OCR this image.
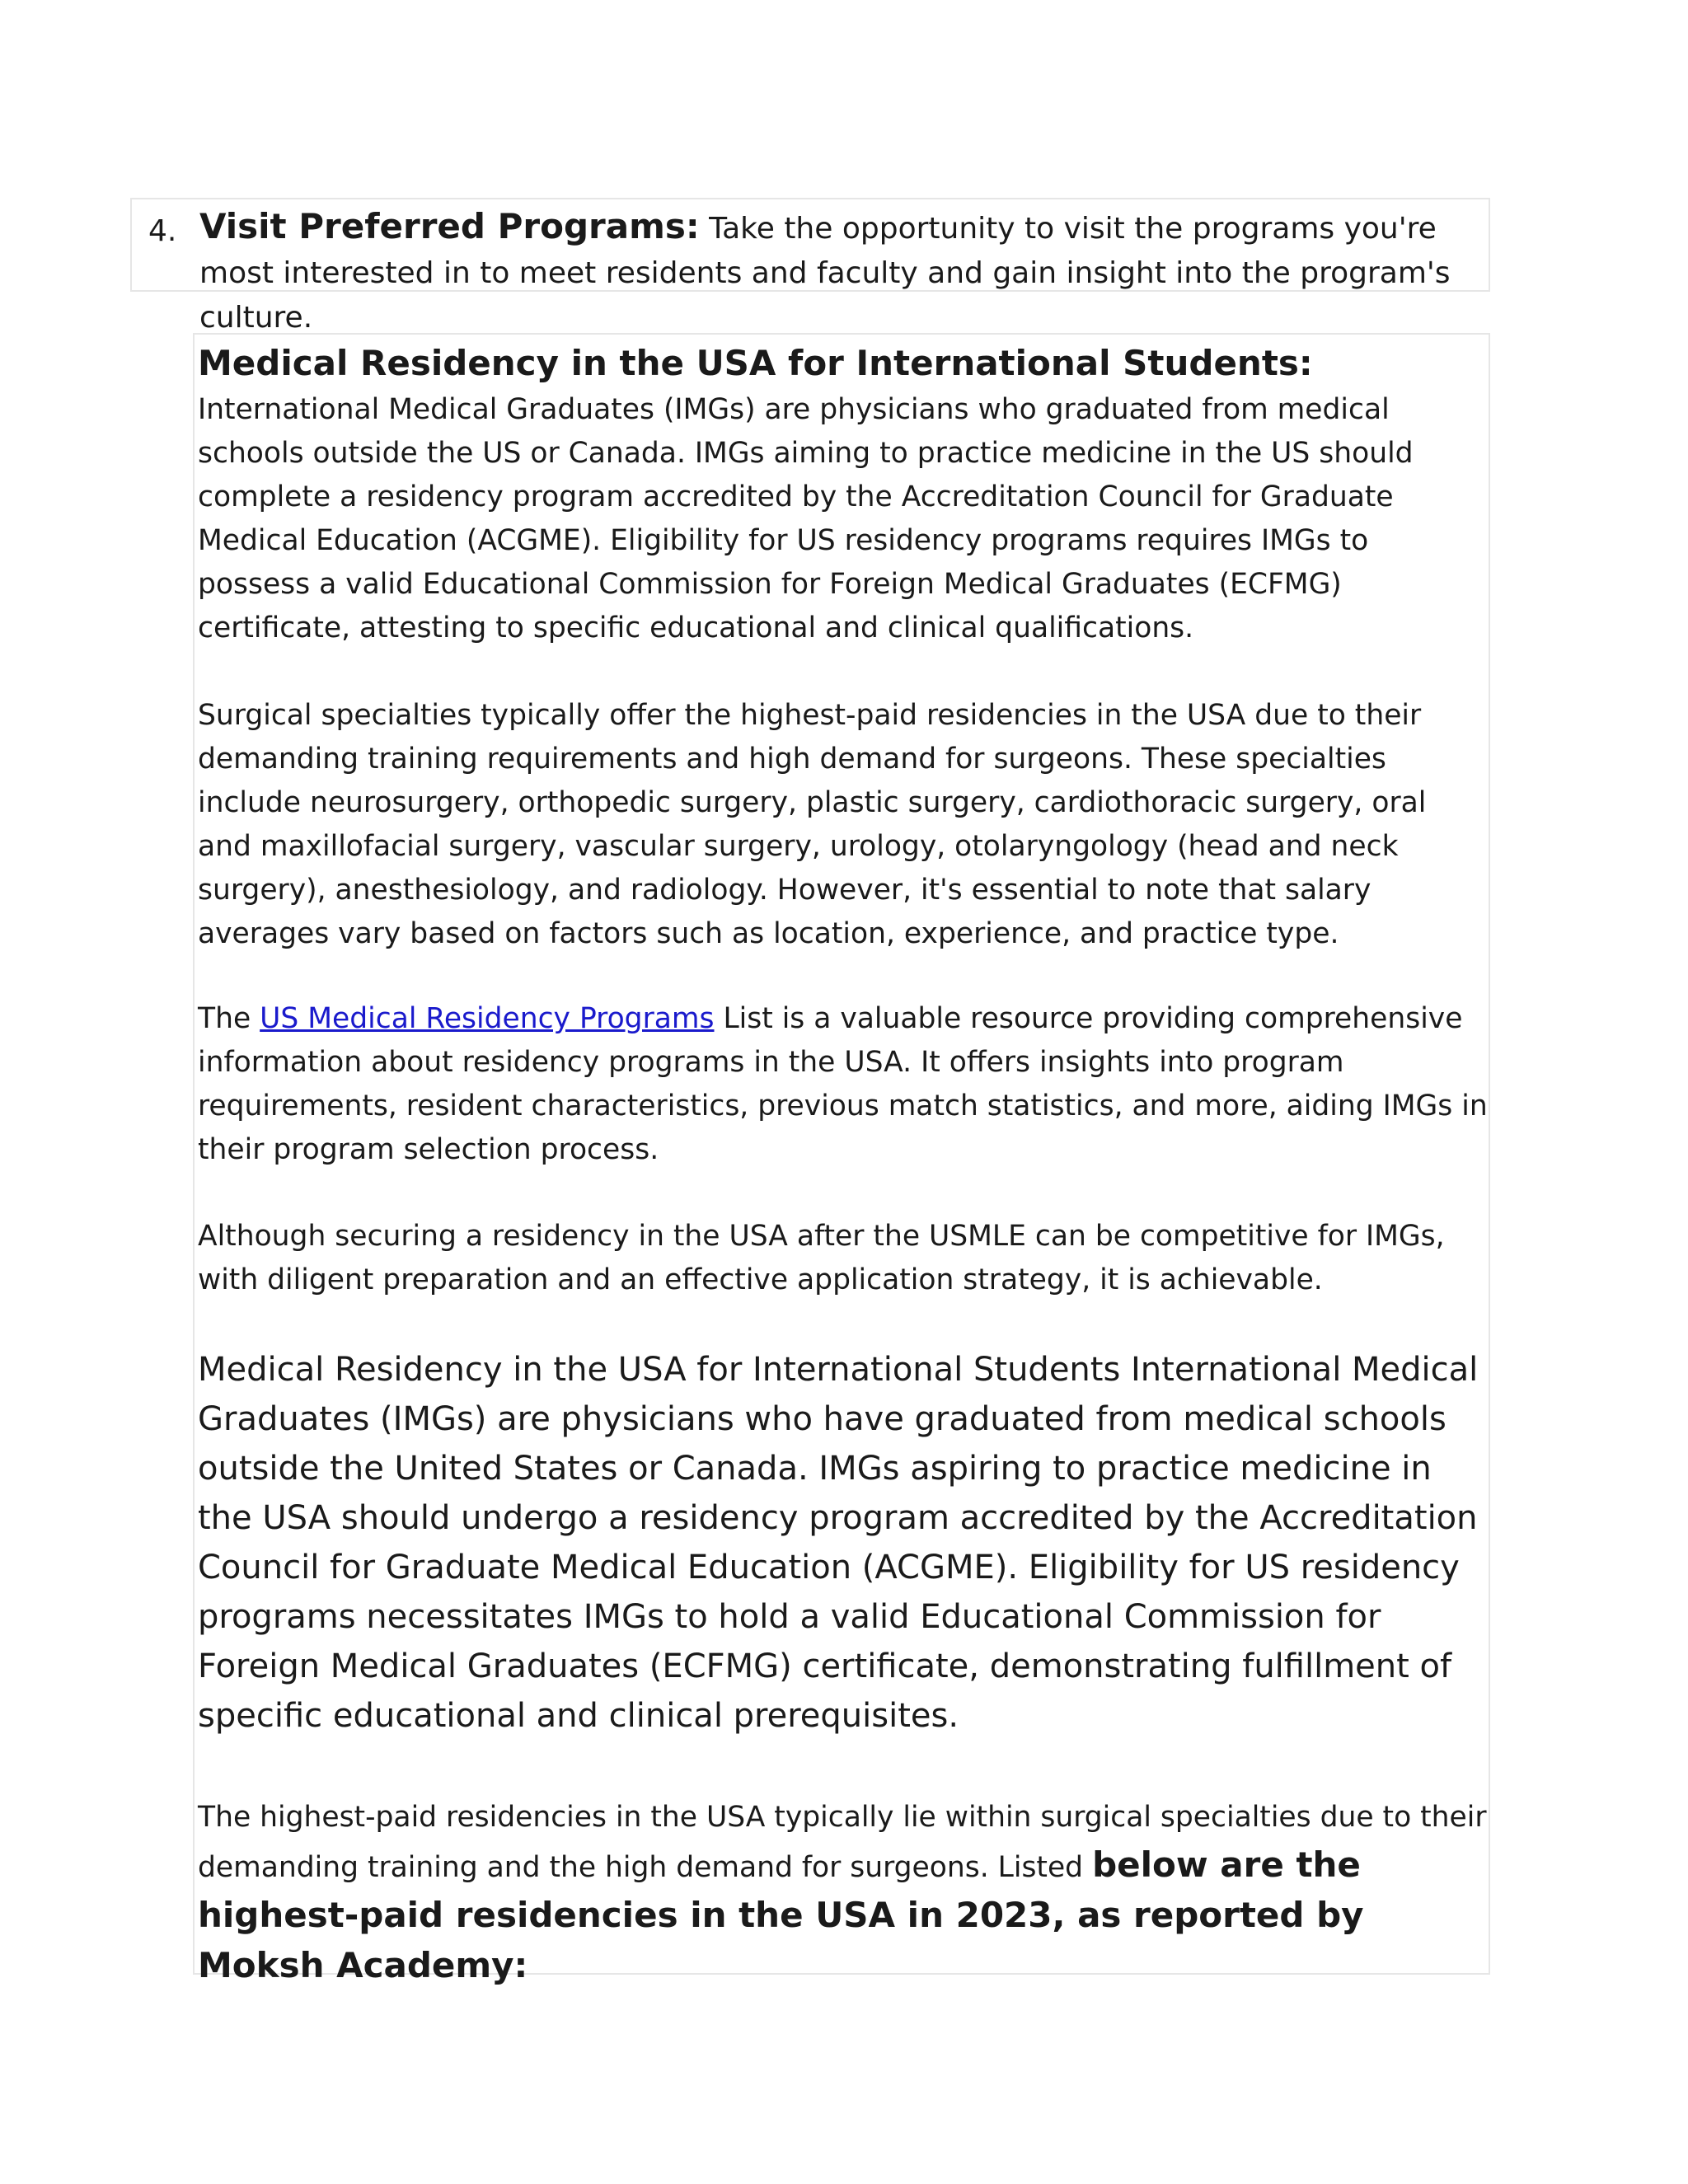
4. Visit Preferred Programs: Take the opportunity to visit the programs you're most interested in to meet residents and faculty and gain insight into the program's culture.

Medical Residency in the USA for International Students: International Medical Graduates (IMGs) are physicians who graduated from medical schools outside the US or Canada. IMGs aiming to practice medicine in the US should complete a residency program accredited by the Accreditation Council for Graduate Medical Education (ACGME). Eligibility for US residency programs requires IMGs to possess a valid Educational Commission for Foreign Medical Graduates (ECFMG) certificate, attesting to specific educational and clinical qualifications.

Surgical specialties typically offer the highest-paid residencies in the USA due to their demanding training requirements and high demand for surgeons. These specialties include neurosurgery, orthopedic surgery, plastic surgery, cardiothoracic surgery, oral and maxillofacial surgery, vascular surgery, urology, otolaryngology (head and neck surgery), anesthesiology, and radiology. However, it's essential to note that salary averages vary based on factors such as location, experience, and practice type.

The US Medical Residency Programs List is a valuable resource providing comprehensive information about residency programs in the USA. It offers insights into program requirements, resident characteristics, previous match statistics, and more, aiding IMGs in their program selection process.

Although securing a residency in the USA after the USMLE can be competitive for IMGs, with diligent preparation and an effective application strategy, it is achievable.

Medical Residency in the USA for International Students International Medical Graduates (IMGs) are physicians who have graduated from medical schools outside the United States or Canada. IMGs aspiring to practice medicine in the USA should undergo a residency program accredited by the Accreditation Council for Graduate Medical Education (ACGME). Eligibility for US residency programs necessitates IMGs to hold a valid Educational Commission for Foreign Medical Graduates (ECFMG) certificate, demonstrating fulfillment of specific educational and clinical prerequisites.

The highest-paid residencies in the USA typically lie within surgical specialties due to their demanding training and the high demand for surgeons. Listed below are the highest-paid residencies in the USA in 2023, as reported by Moksh Academy:
